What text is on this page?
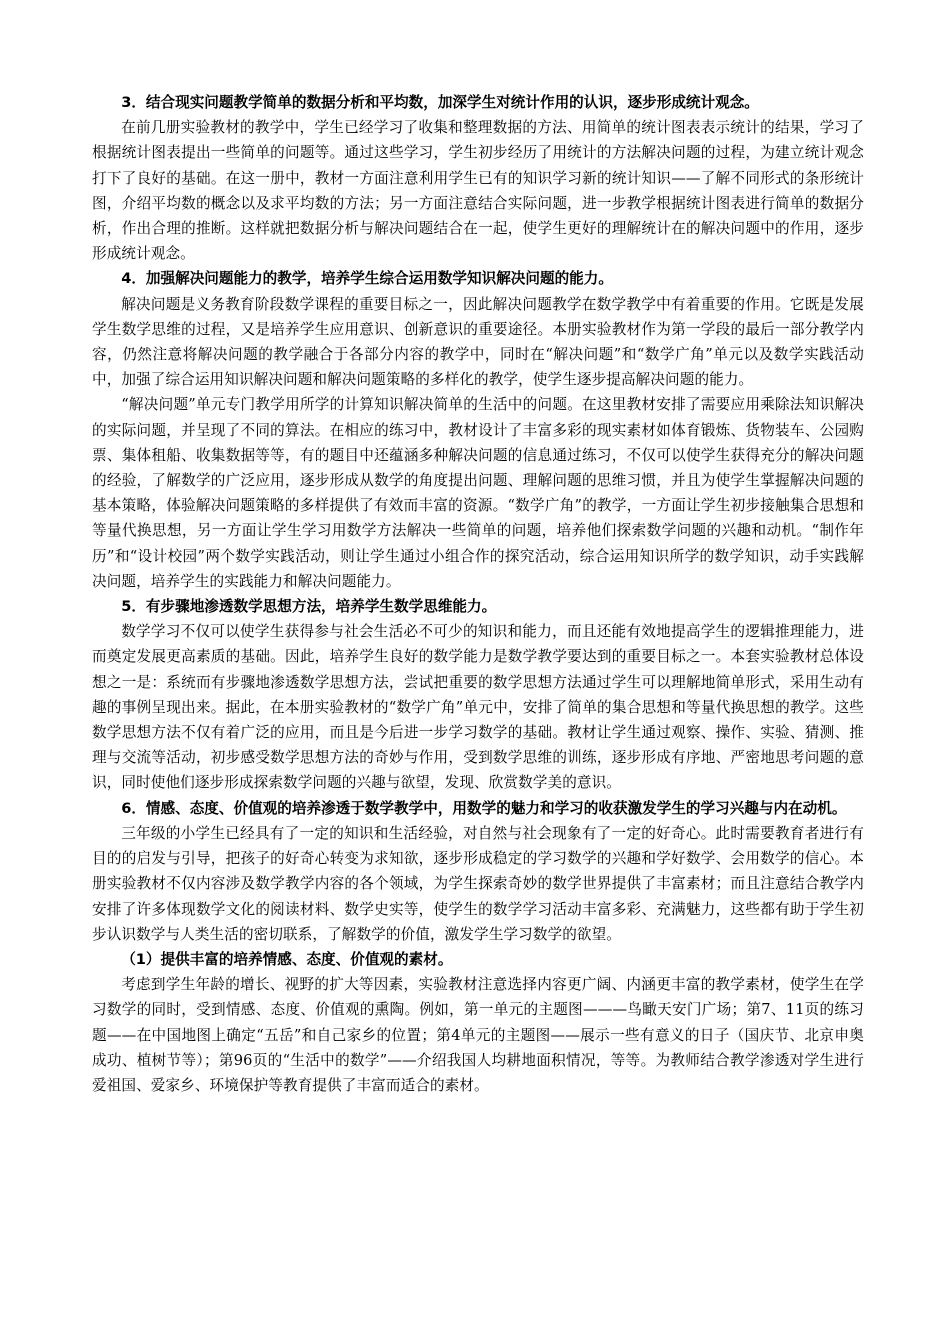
3．结合现实问题教学简单的数据分析和平均数，加深学生对统计作用的认识，逐步形成统计观念。

在前几册实验教材的教学中，学生已经学习了收集和整理数据的方法、用简单的统计图表表示统计的结果，学习了根据统计图表提出一些简单的问题等。通过这些学习，学生初步经历了用统计的方法解决问题的过程，为建立统计观念打下了良好的基础。在这一册中，教材一方面注意利用学生已有的知识学习新的统计知识——了解不同形式的条形统计图，介绍平均数的概念以及求平均数的方法；另一方面注意结合实际问题，进一步教学根据统计图表进行简单的数据分析，作出合理的推断。这样就把数据分析与解决问题结合在一起，使学生更好的理解统计在的解决问题中的作用，逐步形成统计观念。

4．加强解决问题能力的教学，培养学生综合运用数学知识解决问题的能力。

解决问题是义务教育阶段数学课程的重要目标之一，因此解决问题教学在数学教学中有着重要的作用。它既是发展学生数学思维的过程，又是培养学生应用意识、创新意识的重要途径。本册实验教材作为第一学段的最后一部分教学内容，仍然注意将解决问题的教学融合于各部分内容的教学中，同时在“解决问题”和“数学广角”单元以及数学实践活动中，加强了综合运用知识解决问题和解决问题策略的多样化的教学，使学生逐步提高解决问题的能力。

“解决问题”单元专门教学用所学的计算知识解决简单的生活中的问题。在这里教材安排了需要应用乘除法知识解决的实际问题，并呈现了不同的算法。在相应的练习中，教材设计了丰富多彩的现实素材如体育锻炼、货物装车、公园购票、集体租船、收集数据等等，有的题目中还蕴涵多种解决问题的信息通过练习，不仅可以使学生获得充分的解决问题的经验，了解数学的广泛应用，逐步形成从数学的角度提出问题、理解问题的思维习惯，并且为使学生掌握解决问题的基本策略，体验解决问题策略的多样提供了有效而丰富的资源。“数学广角”的教学，一方面让学生初步接触集合思想和等量代换思想，另一方面让学生学习用数学方法解决一些简单的问题，培养他们探索数学问题的兴趣和动机。“制作年历”和“设计校园”两个数学实践活动，则让学生通过小组合作的探究活动，综合运用知识所学的数学知识，动手实践解决问题，培养学生的实践能力和解决问题能力。

5．有步骤地渗透数学思想方法，培养学生数学思维能力。

数学学习不仅可以使学生获得参与社会生活必不可少的知识和能力，而且还能有效地提高学生的逻辑推理能力，进而奠定发展更高素质的基础。因此，培养学生良好的数学能力是数学教学要达到的重要目标之一。本套实验教材总体设想之一是：系统而有步骤地渗透数学思想方法，尝试把重要的数学思想方法通过学生可以理解地简单形式，采用生动有趣的事例呈现出来。据此，在本册实验教材的“数学广角”单元中，安排了简单的集合思想和等量代换思想的教学。这些数学思想方法不仅有着广泛的应用，而且是今后进一步学习数学的基础。教材让学生通过观察、操作、实验、猜测、推理与交流等活动，初步感受数学思想方法的奇妙与作用，受到数学思维的训练，逐步形成有序地、严密地思考问题的意识，同时使他们逐步形成探索数学问题的兴趣与欲望，发现、欣赏数学美的意识。

6．情感、态度、价值观的培养渗透于数学教学中，用数学的魅力和学习的收获激发学生的学习兴趣与内在动机。

三年级的小学生已经具有了一定的知识和生活经验，对自然与社会现象有了一定的好奇心。此时需要教育者进行有目的的启发与引导，把孩子的好奇心转变为求知欲，逐步形成稳定的学习数学的兴趣和学好数学、会用数学的信心。本册实验教材不仅内容涉及数学教学内容的各个领域，为学生探索奇妙的数学世界提供了丰富素材；而且注意结合教学内安排了许多体现数学文化的阅读材料、数学史实等，使学生的数学学习活动丰富多彩、充满魅力，这些都有助于学生初步认识数学与人类生活的密切联系，了解数学的价值，激发学生学习数学的欲望。

（1）提供丰富的培养情感、态度、价值观的素材。

考虑到学生年龄的增长、视野的扩大等因素，实验教材注意选择内容更广阔、内涵更丰富的教学素材，使学生在学习数学的同时，受到情感、态度、价值观的熏陶。例如，第一单元的主题图———鸟瞰天安门广场；第7、11页的练习题——在中国地图上确定“五岳”和自己家乡的位置；第4单元的主题图——展示一些有意义的日子（国庆节、北京申奥成功、植树节等）；第96页的“生活中的数学”——介绍我国人均耕地面积情况，等等。为教师结合教学渗透对学生进行爱祖国、爱家乡、环境保护等教育提供了丰富而适合的素材。
